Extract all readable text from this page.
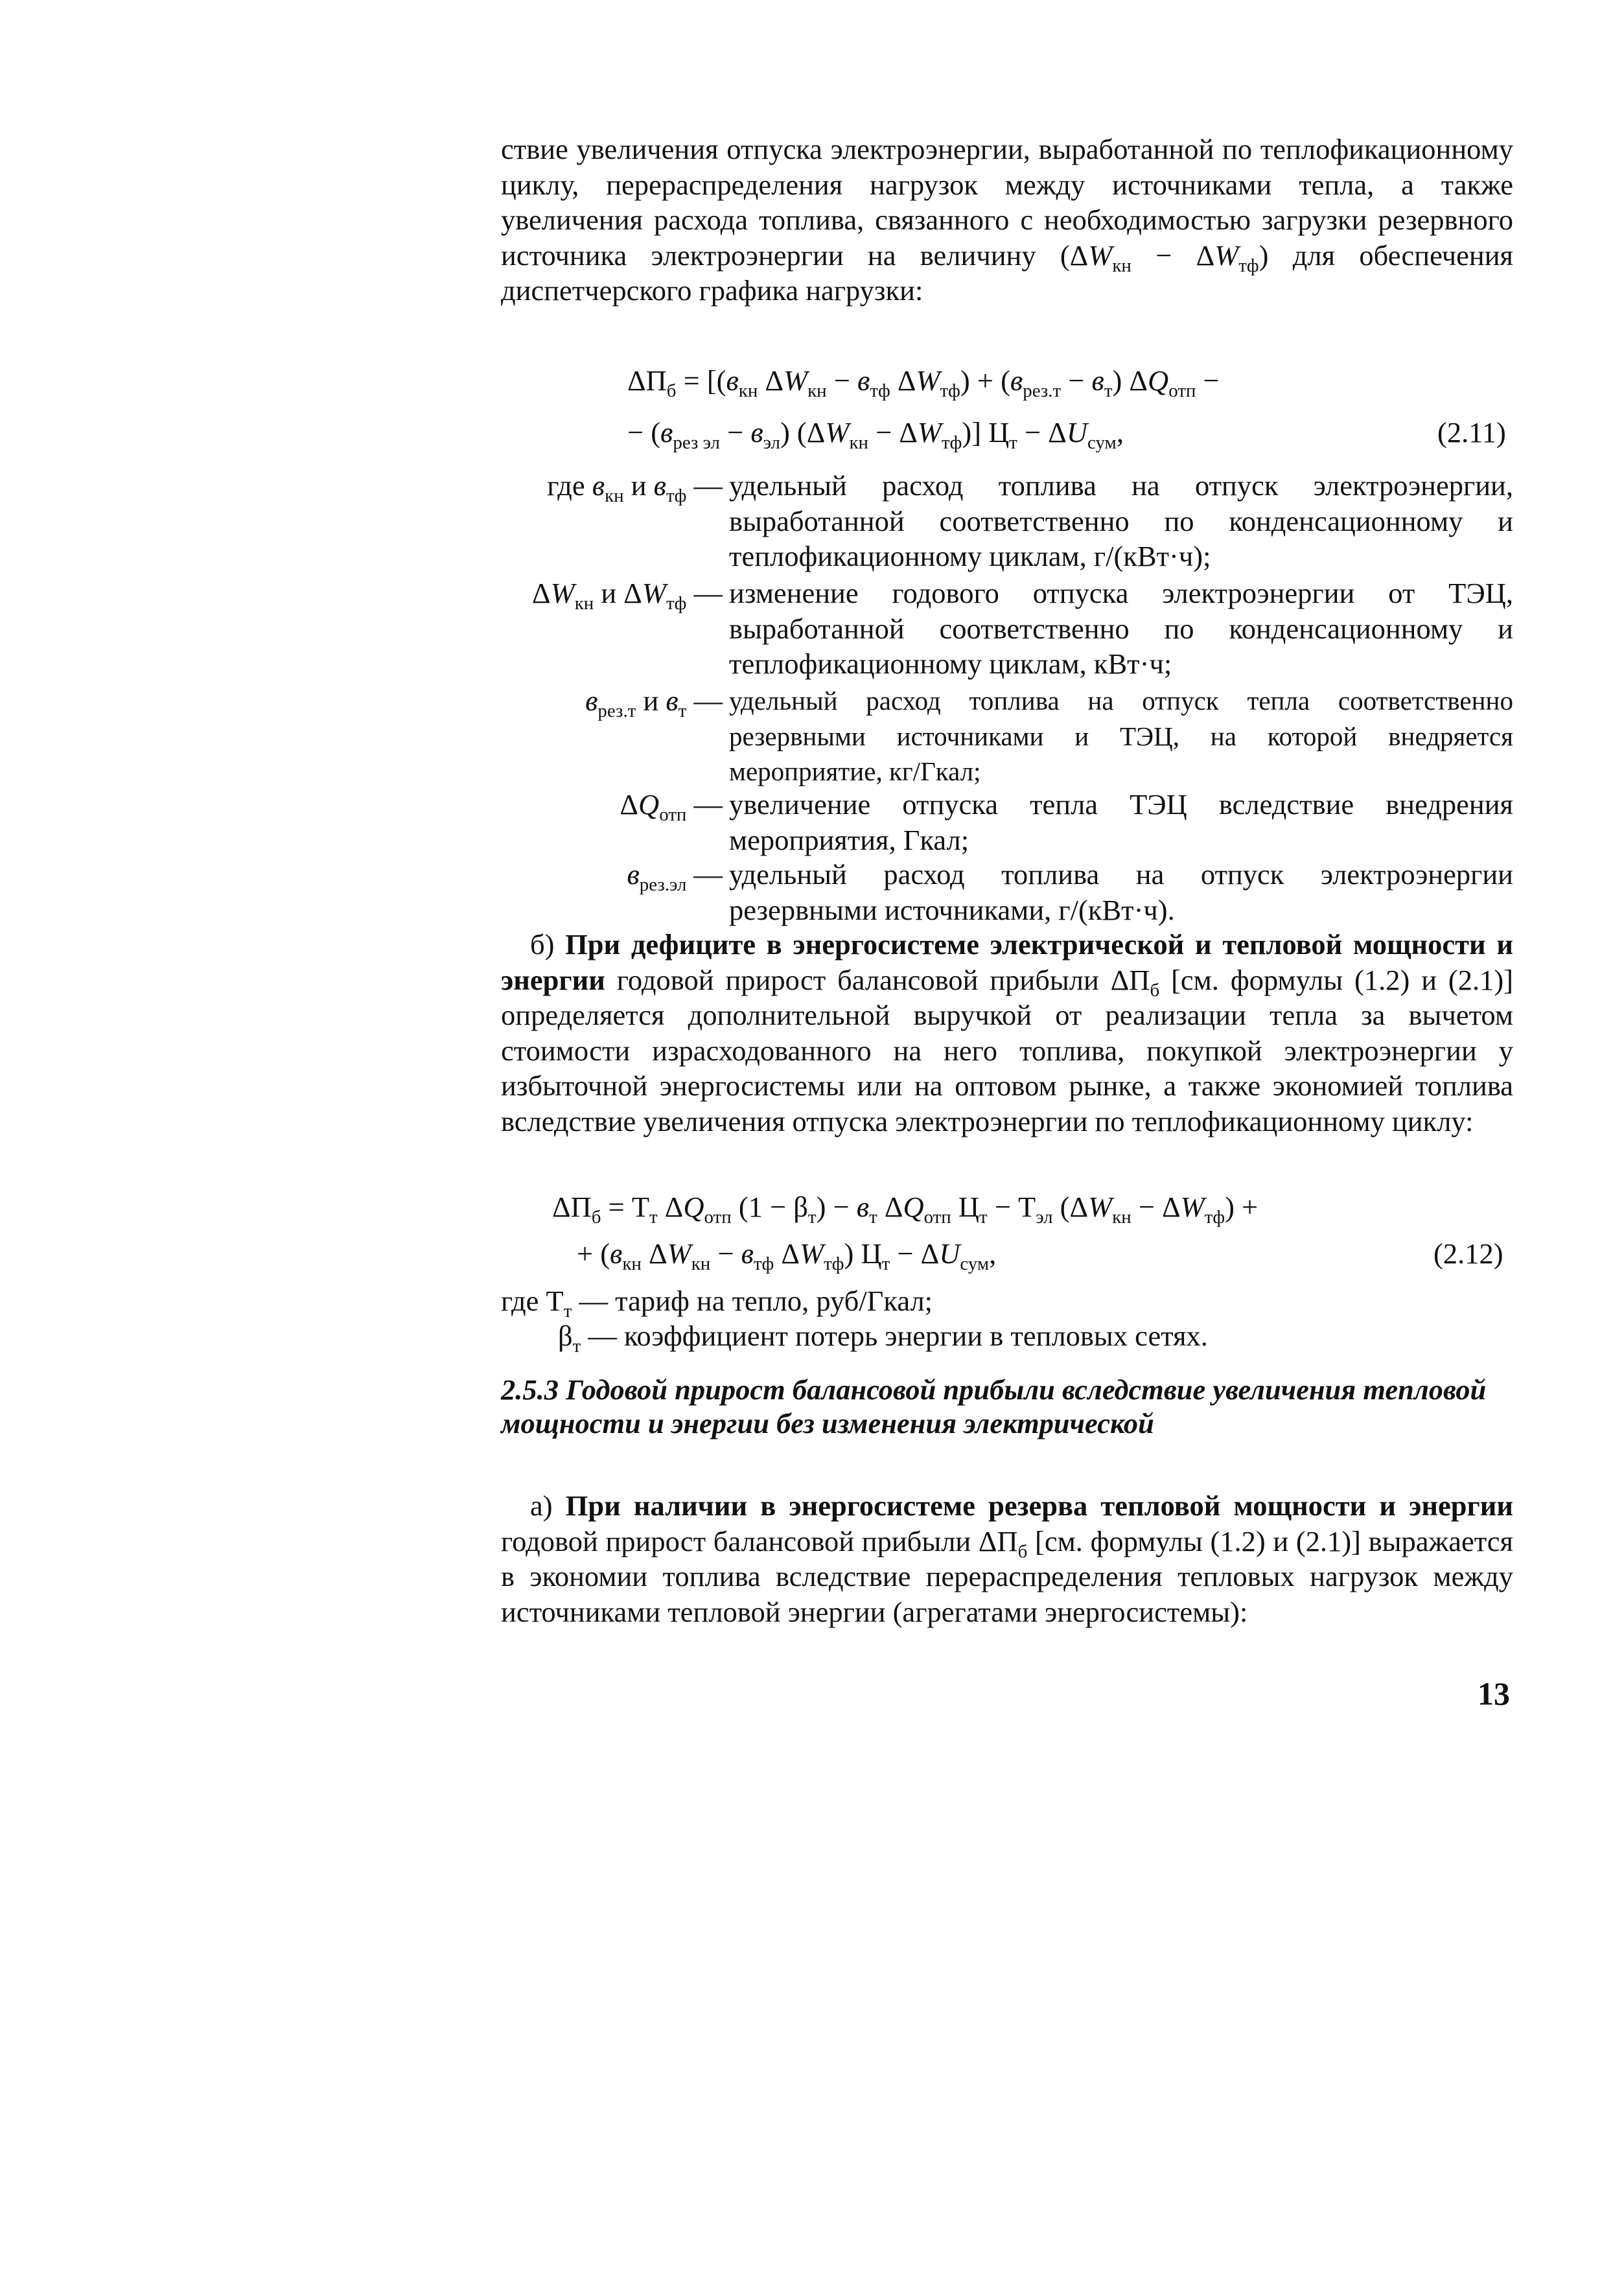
ствие увеличения отпуска электроэнергии, выработанной по теплофикационному циклу, перераспределения нагрузок между источниками тепла, а также увеличения расхода топлива, связанного с необходимостью загрузки резервного источника электроэнергии на величину $(\Delta W_{кн} - \Delta W_{тф})$ для обеспечения диспетчерского графика нагрузки:
$\Delta П_б = [(в_{кн}$ $\Delta W_{кн} - в_{тф}$ $\Delta W_{тф}) + (в_{рез.т} - в_т)$ $\Delta Q_{отп}$ −
− $(в_{рез эл} - в_{эл}) (\Delta W_{кн} - \Delta W_{тф})$] $Ц_т - \Delta U_{сум}$,	(2.11)
где $в_{кн}$ и $в_{тф}$ — удельный расход топлива на отпуск электроэнергии, выработанной соответственно по конденсационному и теплофикационному циклам, г/(кВт·ч);
$\Delta W_{кн}$ и $\Delta W_{тф}$ — изменение годового отпуска электроэнергии от ТЭЦ, выработанной соответственно по конденсационному и теплофикационному циклам, кВт·ч;
$в_{рез.т}$ и $в_т$ — удельный расход топлива на отпуск тепла соответственно резервными источниками и ТЭЦ, на которой внедряется мероприятие, кг/Гкал;
$\Delta Q_{отп}$ — увеличение отпуска тепла ТЭЦ вследствие внедрения мероприятия, Гкал;
$в_{рез.эл}$ — удельный расход топлива на отпуск электроэнергии резервными источниками, г/(кВт·ч).
б) При дефиците в энергосистеме электрической и тепловой мощности и энергии годовой прирост балансовой прибыли $\Delta П_б$ [см. формулы (1.2) и (2.1)] определяется дополнительной выручкой от реализации тепла за вычетом стоимости израсходованного на него топлива, покупкой электроэнергии у избыточной энергосистемы или на оптовом рынке, а также экономией топлива вследствие увеличения отпуска электроэнергии по теплофикационному циклу:
$\Delta П_б = Т_т$ $\Delta Q_{отп}$ $(1 - \beta_т) - в_т$ $\Delta Q_{отп}$ $Ц_т - Т_{эл}$ $(\Delta W_{кн} - \Delta W_{тф})$ +
+ ($в_{кн}$ $\Delta W_{кн} - в_{тф}$ $\Delta W_{тф}$) $Ц_т - \Delta U_{сум}$,	(2.12)
где $Т_т$ — тариф на тепло, руб/Гкал;
$\beta_т$ — коэффициент потерь энергии в тепловых сетях.
2.5.3 Годовой прирост балансовой прибыли вследствие увеличения тепловой мощности и энергии без изменения электрической
а) При наличии в энергосистеме резерва тепловой мощности и энергии годовой прирост балансовой прибыли $\Delta П_б$ [см. формулы (1.2) и (2.1)] выражается в экономии топлива вследствие перераспределения тепловых нагрузок между источниками тепловой энергии (агрегатами энергосистемы):
13
